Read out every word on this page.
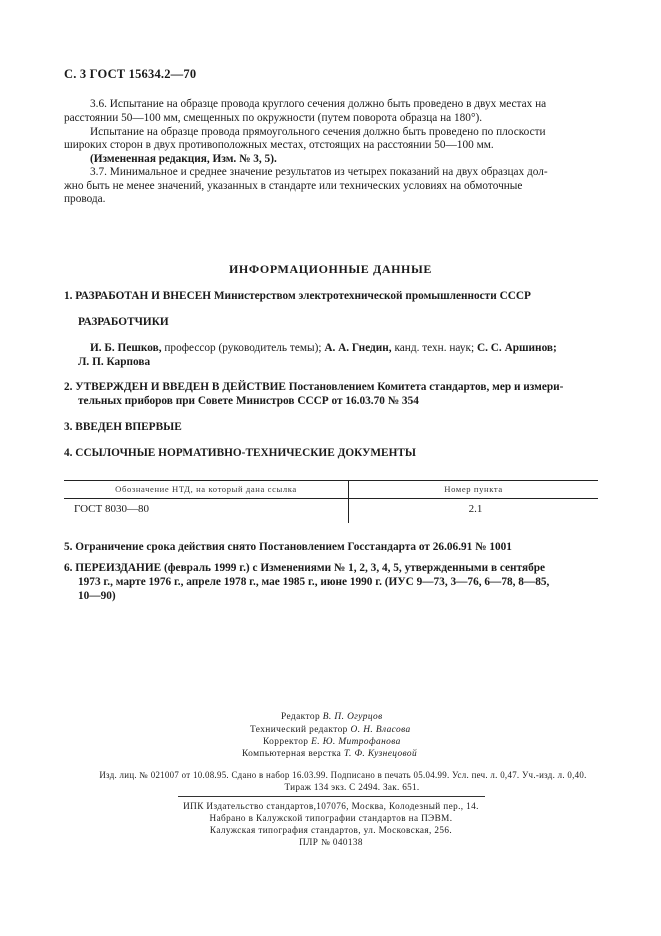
С. 3 ГОСТ 15634.2—70
3.6. Испытание на образце провода круглого сечения должно быть проведено в двух местах на
расстоянии 50—100 мм, смещенных по окружности (путем поворота образца на 180°).
Испытание на образце провода прямоугольного сечения должно быть проведено по плоскости
широких сторон в двух противоположных местах, отстоящих на расстоянии 50—100 мм.
(Измененная редакция, Изм. № 3, 5).
3.7. Минимальное и среднее значение результатов из четырех показаний на двух образцах дол-
жно быть не менее значений, указанных в стандарте или технических условиях на обмоточные
провода.
ИНФОРМАЦИОННЫЕ ДАННЫЕ
1. РАЗРАБОТАН И ВНЕСЕН Министерством электротехнической промышленности СССР
РАЗРАБОТЧИКИ
И. Б. Пешков, профессор (руководитель темы); А. А. Гнедин, канд. техн. наук; С. С. Аршинов;
Л. П. Карпова
2. УТВЕРЖДЕН И ВВЕДЕН В ДЕЙСТВИЕ Постановлением Комитета стандартов, мер и измери-
тельных приборов при Совете Министров СССР от 16.03.70 № 354
3. ВВЕДЕН ВПЕРВЫЕ
4. ССЫЛОЧНЫЕ НОРМАТИВНО-ТЕХНИЧЕСКИЕ ДОКУМЕНТЫ
Обозначение НТД, на который дана ссылка	Номер пункта
ГОСТ 8030—80	2.1
5. Ограничение срока действия снято Постановлением Госстандарта от 26.06.91 № 1001
6. ПЕРЕИЗДАНИЕ (февраль 1999 г.) с Изменениями № 1, 2, 3, 4, 5, утвержденными в сентябре
1973 г., марте 1976 г., апреле 1978 г., мае 1985 г., июне 1990 г. (ИУС 9—73, 3—76, 6—78, 8—85,
10—90)
Редактор В. П. Огурцов
Технический редактор О. Н. Власова
Корректор Е. Ю. Митрофанова
Компьютерная верстка Т. Ф. Кузнецовой
Изд. лиц. № 021007 от 10.08.95. Сдано в набор 16.03.99. Подписано в печать 05.04.99. Усл. печ. л. 0,47. Уч.-изд. л. 0,40.
Тираж 134 экз. С 2494. Зак. 651.
ИПК Издательство стандартов,107076, Москва, Колодезный пер., 14.
Набрано в Калужской типографии стандартов на ПЭВМ.
Калужская типография стандартов, ул. Московская, 256.
ПЛР № 040138
